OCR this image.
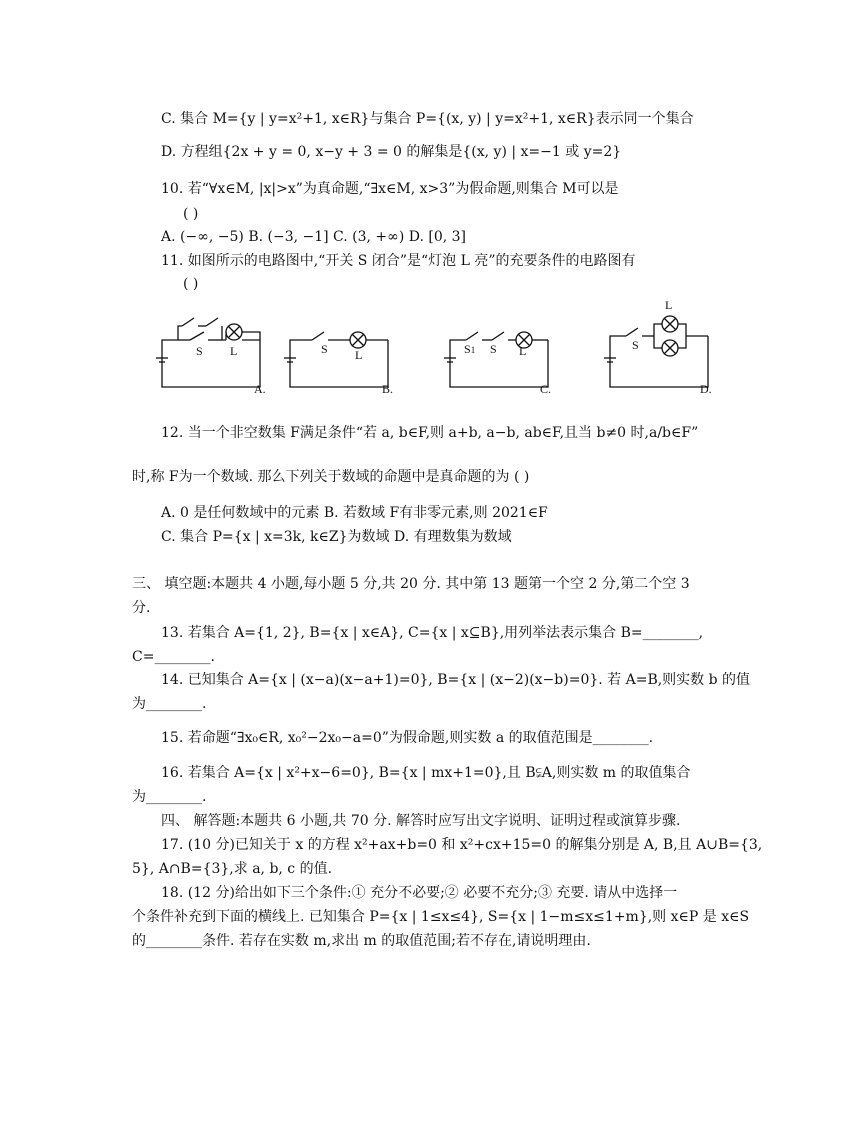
C. 集合 M={y | y=x²+1, x∈R}与集合 P={(x, y) | y=x²+1, x∈R}表示同一个集合
D. 方程组{2x + y = 0, x−y + 3 = 0 的解集是{(x, y) | x=−1 或 y=2}
10. 若“∀x∈M, |x|>x”为真命题,“∃x∈M, x>3”为假命题,则集合 M可以是
( )
A. (−∞, −5) B. (−3, −1] C. (3, +∞) D. [0, 3]
11. 如图所示的电路图中,“开关 S 闭合”是“灯泡 L 亮”的充要条件的电路图有
( )
S L
A.
S L
B.
S1 S L
C.
S
L
D.
12. 当一个非空数集 F满足条件“若 a, b∈F,则 a+b, a−b, ab∈F,且当 b≠0 时,a/b∈F”
时,称 F为一个数域. 那么下列关于数域的命题中是真命题的为 ( )
A. 0 是任何数域中的元素 B. 若数域 F有非零元素,则 2021∈F
C. 集合 P={x | x=3k, k∈Z}为数域 D. 有理数集为数域
三、 填空题:本题共 4 小题,每小题 5 分,共 20 分. 其中第 13 题第一个空 2 分,第二个空 3
分.
13. 若集合 A={1, 2}, B={x | x∈A}, C={x | x⊆B},用列举法表示集合 B=________,
C=________.
14. 已知集合 A={x | (x−a)(x−a+1)=0}, B={x | (x−2)(x−b)=0}. 若 A=B,则实数 b 的值
为________.
15. 若命题“∃x₀∈R, x₀²−2x₀−a=0”为假命题,则实数 a 的取值范围是________.
16. 若集合 A={x | x²+x−6=0}, B={x | mx+1=0},且 B⫋A,则实数 m 的取值集合
为________.
四、 解答题:本题共 6 小题,共 70 分. 解答时应写出文字说明、证明过程或演算步骤.
17. (10 分)已知关于 x 的方程 x²+ax+b=0 和 x²+cx+15=0 的解集分别是 A, B,且 A∪B={3,
5}, A∩B={3},求 a, b, c 的值.
18. (12 分)给出如下三个条件:① 充分不必要;② 必要不充分;③ 充要. 请从中选择一
个条件补充到下面的横线上. 已知集合 P={x | 1≤x≤4}, S={x | 1−m≤x≤1+m},则 x∈P 是 x∈S
的________条件. 若存在实数 m,求出 m 的取值范围;若不存在,请说明理由.
